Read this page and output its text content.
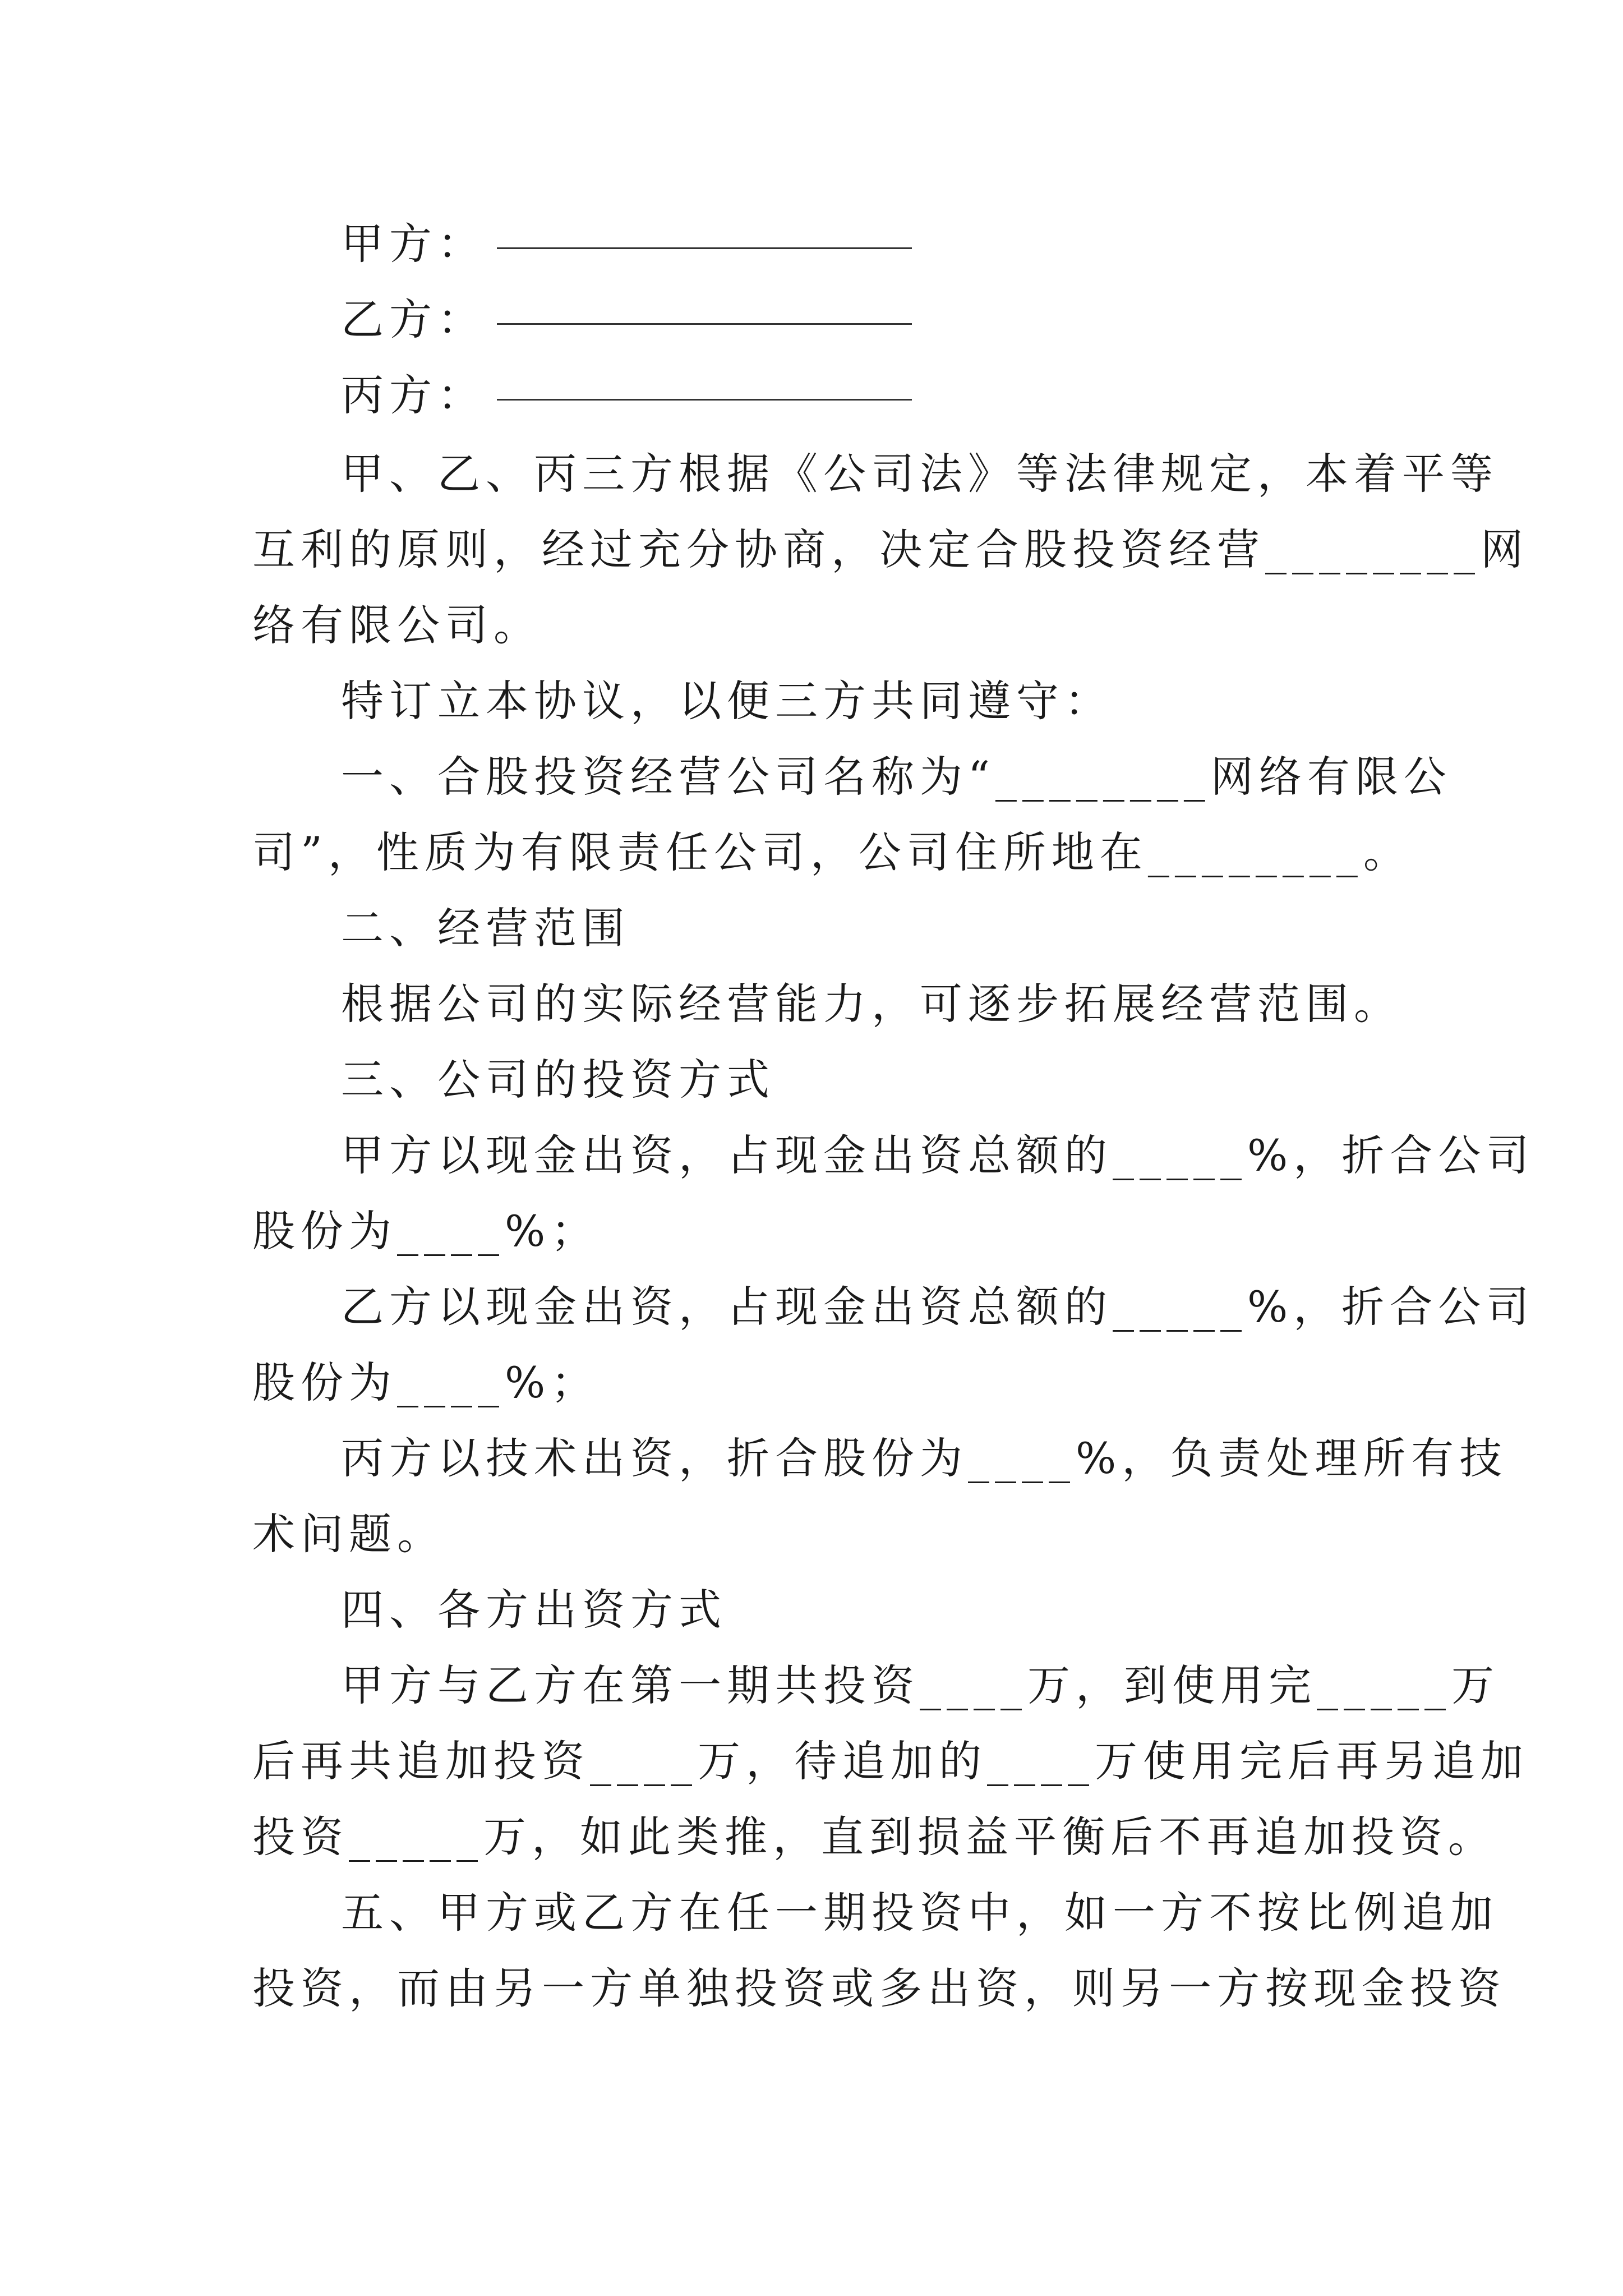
甲方：
乙方：
丙方：
甲、乙、丙三方根据《公司法》等法律规定，本着平等
互利的原则，经过充分协商，决定合股投资经营________网
络有限公司。
特订立本协议，以便三方共同遵守：
一、合股投资经营公司名称为“________网络有限公
司”，性质为有限责任公司，公司住所地在________。
二、经营范围
根据公司的实际经营能力，可逐步拓展经营范围。
三、公司的投资方式
甲方以现金出资，占现金出资总额的_____%，折合公司
股份为____%；
乙方以现金出资，占现金出资总额的_____%，折合公司
股份为____%；
丙方以技术出资，折合股份为____%，负责处理所有技
术问题。
四、各方出资方式
甲方与乙方在第一期共投资____万，到使用完_____万
后再共追加投资____万，待追加的____万使用完后再另追加
投资_____万，如此类推，直到损益平衡后不再追加投资。
五、甲方或乙方在任一期投资中，如一方不按比例追加
投资，而由另一方单独投资或多出资，则另一方按现金投资
